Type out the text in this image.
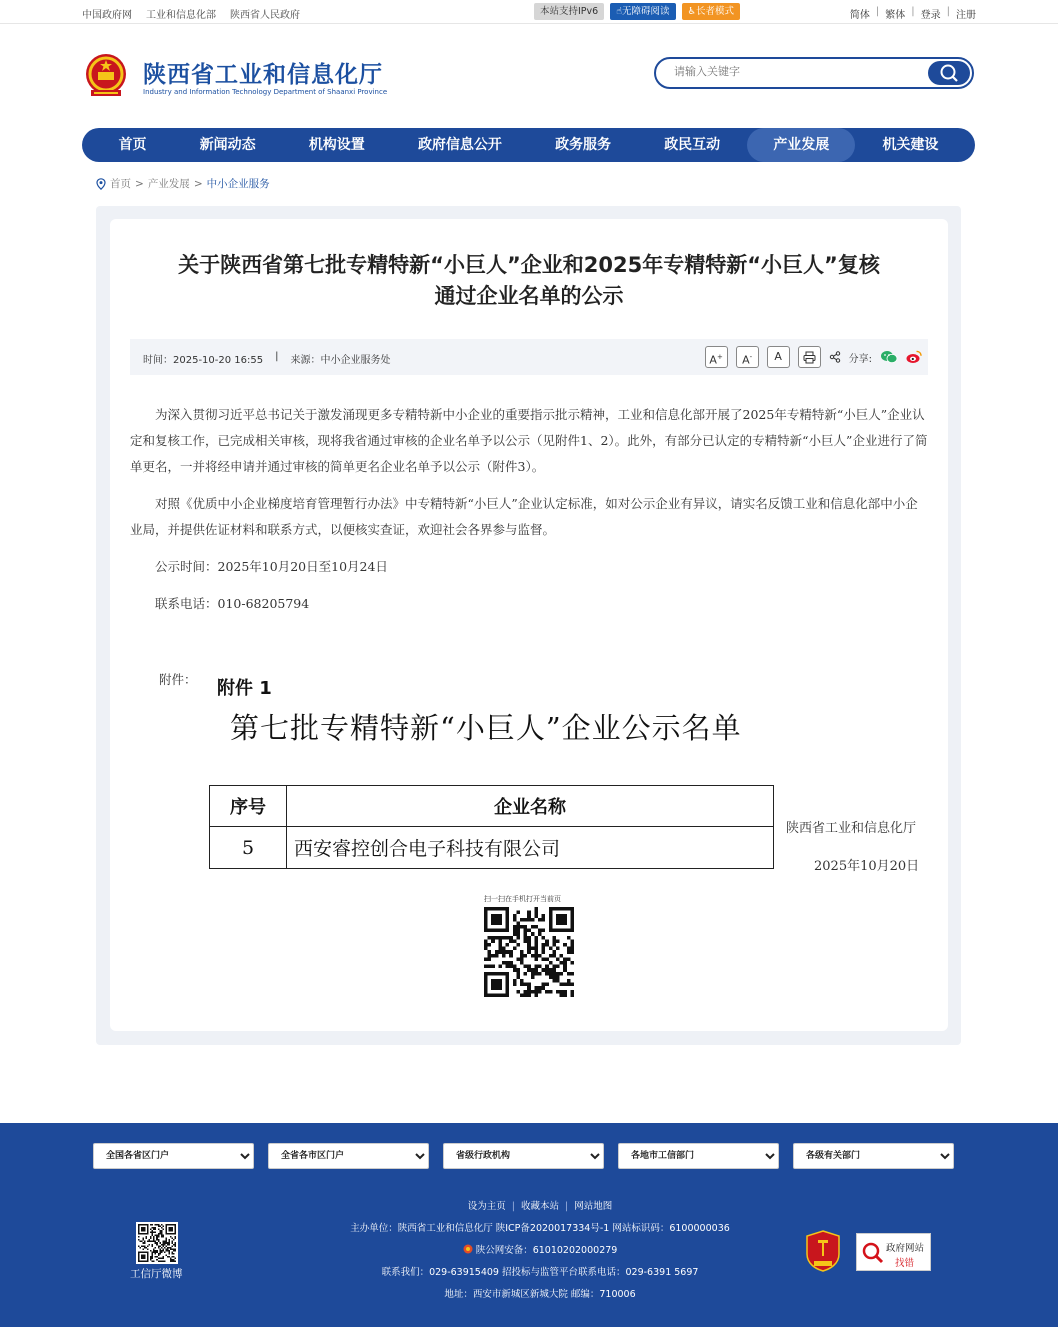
中国政府网 工业和信息化部 陕西省人民政府	本站支持IPv6	☝无障碍阅读	♿长者模式	简体 | 繁体 | 登录 | 注册
陕西省工业和信息化厅
Industry and Information Technology Department of Shaanxi Province
请输入关键字
首页	新闻动态	机构设置	政府信息公开	政务服务	政民互动	产业发展	机关建设
首页 > 产业发展 > 中小企业服务
关于陕西省第七批专精特新“小巨人”企业和2025年专精特新“小巨人”复核
通过企业名单的公示
时间：2025-10-20 16:55 | 来源：中小企业服务处	A+	A-	A	分享:

为深入贯彻习近平总书记关于激发涌现更多专精特新中小企业的重要指示批示精神，工业和信息化部开展了2025年专精特新“小巨人”企业认定和复核工作，已完成相关审核，现将我省通过审核的企业名单予以公示（见附件1、2）。此外，有部分已认定的专精特新“小巨人”企业进行了简单更名，一并将经申请并通过审核的简单更名企业名单予以公示（附件3）。

对照《优质中小企业梯度培育管理暂行办法》中专精特新“小巨人”企业认定标准，如对公示企业有异议，请实名反馈工业和信息化部中小企业局，并提供佐证材料和联系方式，以便核实查证，欢迎社会各界参与监督。

公示时间：2025年10月20日至10月24日

联系电话：010-68205794

附件： 附件 1
第七批专精特新“小巨人”企业公示名单
序号	企业名称
5	西安睿控创合电子科技有限公司
陕西省工业和信息化厅
2025年10月20日
扫一扫在手机打开当前页
全国各省区门户
全省各市区门户
省级行政机构
各地市工信部门
各级有关部门
设为主页 | 收藏本站 | 网站地图
主办单位：陕西省工业和信息化厅 陕ICP备2020017334号-1 网站标识码：6100000036
陕公网安备：61010202000279
联系我们：029-63915409 招投标与监管平台联系电话：029-6391 5697
地址：西安市新城区新城大院 邮编：710006
工信厅微博
政府网站
找错
